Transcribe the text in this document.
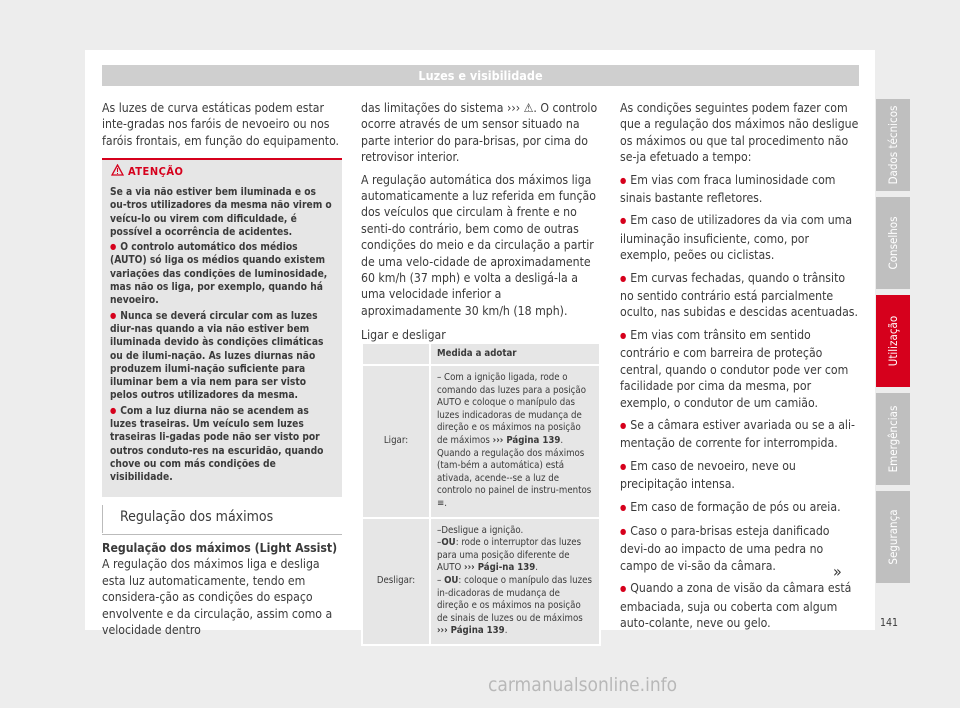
Luzes e visibilidade

As luzes de curva estáticas podem estar inte-gradas nos faróis de nevoeiro ou nos faróis frontais, em função do equipamento.

ATENÇÃO

Se a via não estiver bem iluminada e os ou-tros utilizadores da mesma não virem o veícu-lo ou virem com dificuldade, é possível a ocorrência de acidentes.

● O controlo automático dos médios (AUTO) só liga os médios quando existem variações das condições de luminosidade, mas não os liga, por exemplo, quando há nevoeiro.

● Nunca se deverá circular com as luzes diur-nas quando a via não estiver bem iluminada devido às condições climáticas ou de ilumi-nação. As luzes diurnas não produzem ilumi-nação suficiente para iluminar bem a via nem para ser visto pelos outros utilizadores da mesma.

● Com a luz diurna não se acendem as luzes traseiras. Um veículo sem luzes traseiras li-gadas pode não ser visto por outros conduto-res na escuridão, quando chove ou com más condições de visibilidade.

Regulação dos máximos
Regulação dos máximos (Light Assist)
A regulação dos máximos liga e desliga esta luz automaticamente, tendo em considera-ção as condições do espaço envolvente e da circulação, assim como a velocidade dentro

das limitações do sistema ››› ⚠. O controlo ocorre através de um sensor situado na parte interior do para-brisas, por cima do retrovisor interior.

A regulação automática dos máximos liga automaticamente a luz referida em função dos veículos que circulam à frente e no senti-do contrário, bem como de outras condições do meio e da circulação a partir de uma velo-cidade de aproximadamente 60 km/h (37 mph) e volta a desligá-la a uma velocidade inferior a aproximadamente 30 km/h (18 mph).

Ligar e desligar

	Medida a adotar
Ligar:	– Com a ignição ligada, rode o comando das luzes para a posição AUTO e coloque o manípulo das luzes indicadoras de mudança de direção e os máximos na posição de máximos ››› Página 139. Quando a regulação dos máximos (tam-bém a automática) está ativada, acende--se a luz de controlo no painel de instru-mentos ≡.
Desligar:	–Desligue a ignição.
–OU: rode o interruptor das luzes para uma posição diferente de AUTO ››› Pági-na 139.
– OU: coloque o manípulo das luzes in-dicadoras de mudança de direção e os máximos na posição de sinais de luzes ou de máximos ››› Página 139.

As condições seguintes podem fazer com que a regulação dos máximos não desligue os máximos ou que tal procedimento não se-ja efetuado a tempo:

● Em vias com fraca luminosidade com sinais bastante refletores.

● Em caso de utilizadores da via com uma iluminação insuficiente, como, por exemplo, peões ou ciclistas.

● Em curvas fechadas, quando o trânsito no sentido contrário está parcialmente oculto, nas subidas e descidas acentuadas.

● Em vias com trânsito em sentido contrário e com barreira de proteção central, quando o condutor pode ver com facilidade por cima da mesma, por exemplo, o condutor de um camião.

● Se a câmara estiver avariada ou se a ali-mentação de corrente for interrompida.

● Em caso de nevoeiro, neve ou precipitação intensa.

● Em caso de formação de pós ou areia.

● Caso o para-brisas esteja danificado devi-do ao impacto de uma pedra no campo de vi-são da câmara.

● Quando a zona de visão da câmara está embaciada, suja ou coberta com algum auto-colante, neve ou gelo.

»
Dados técnicos
Conselhos
Utilização
Emergências
Segurança
141
carmanualsonline.info
